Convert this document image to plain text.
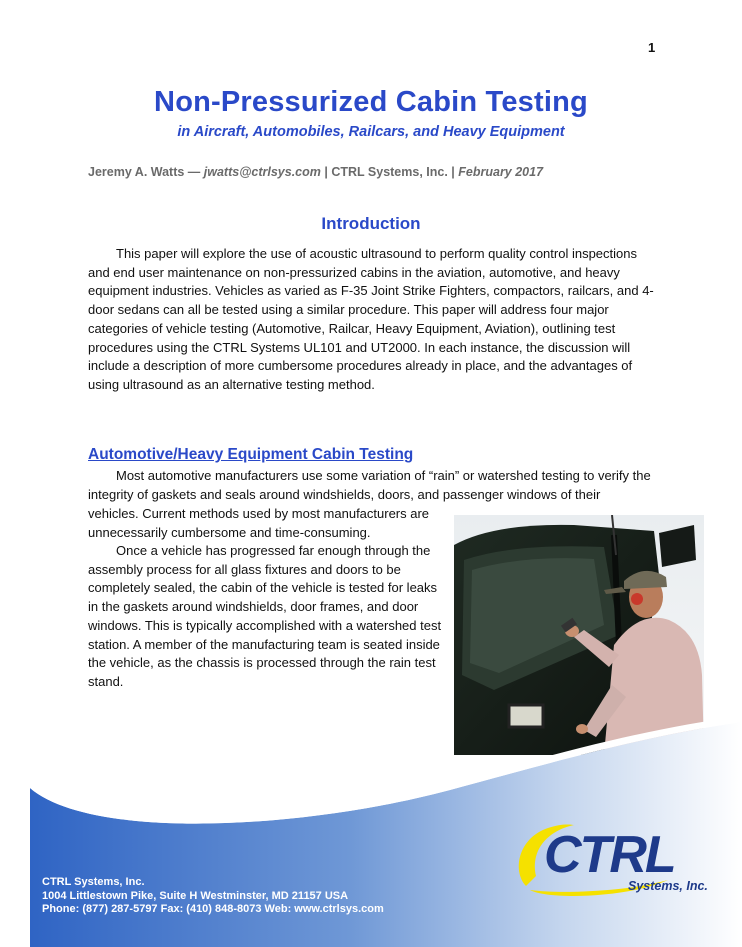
1
Non-Pressurized Cabin Testing
in Aircraft, Automobiles, Railcars, and Heavy Equipment
Jeremy A. Watts — jwatts@ctrlsys.com | CTRL Systems, Inc. | February 2017
Introduction

This paper will explore the use of acoustic ultrasound to perform quality control inspections and end user maintenance on non-pressurized cabins in the aviation, automotive, and heavy equipment industries. Vehicles as varied as F-35 Joint Strike Fighters, compactors, railcars, and 4-door sedans can all be tested using a similar procedure. This paper will address four major categories of vehicle testing (Automotive, Railcar, Heavy Equipment, Aviation), outlining test procedures using the CTRL Systems UL101 and UT2000. In each instance, the discussion will include a description of more cumbersome procedures already in place, and the advantages of using ultrasound as an alternative testing method.

Automotive/Heavy Equipment Cabin Testing

Most automotive manufacturers use some variation of “rain” or watershed testing to verify the integrity of gaskets and seals around windshields, doors, and passenger windows of their

vehicles. Current methods used by most manufacturers are unnecessarily cumbersome and time-consuming.

Once a vehicle has progressed far enough through the assembly process for all glass fixtures and doors to be completely sealed, the cabin of the vehicle is tested for leaks in the gaskets around windshields, door frames, and door windows. This is typically accomplished with a watershed test station. A member of the manufacturing team is seated inside the vehicle, as the chassis is processed through the rain test stand.

CTRL
Systems, Inc.
CTRL Systems, Inc.
1004 Littlestown Pike, Suite H Westminster, MD 21157 USA
Phone: (877) 287-5797 Fax: (410) 848-8073 Web: www.ctrlsys.com
